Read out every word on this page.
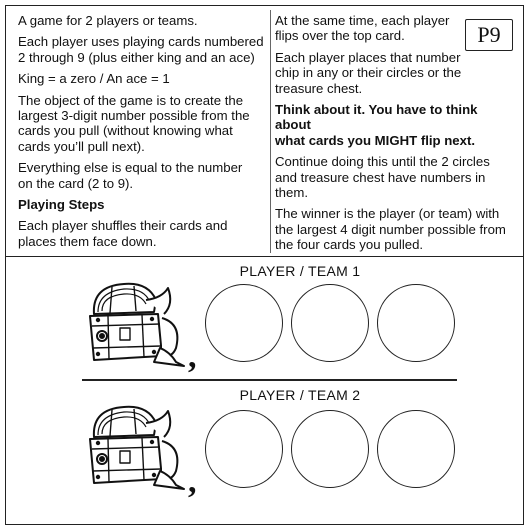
A game for 2 players or teams.

Each player uses playing cards numbered
2 through 9 (plus either king and an ace)

King = a zero / An ace = 1

The object of the game is to create the
largest 3-digit number possible from the
cards you pull (without knowing what
cards you’ll pull next).

Everything else is equal to the number
on the card (2 to 9).

Playing Steps

Each player shuffles their cards and
places them face down.

At the same time, each player
flips over the top card.

Each player places that number
chip in any or their circles or the
treasure chest.

Think about it. You have to think about
what cards you MIGHT flip next.

Continue doing this until the 2 circles
and treasure chest have numbers in
them.

The winner is the player (or team) with
the largest 4 digit number possible from
the four cards you pulled.

P9
PLAYER / TEAM 1
,
PLAYER / TEAM 2
,
